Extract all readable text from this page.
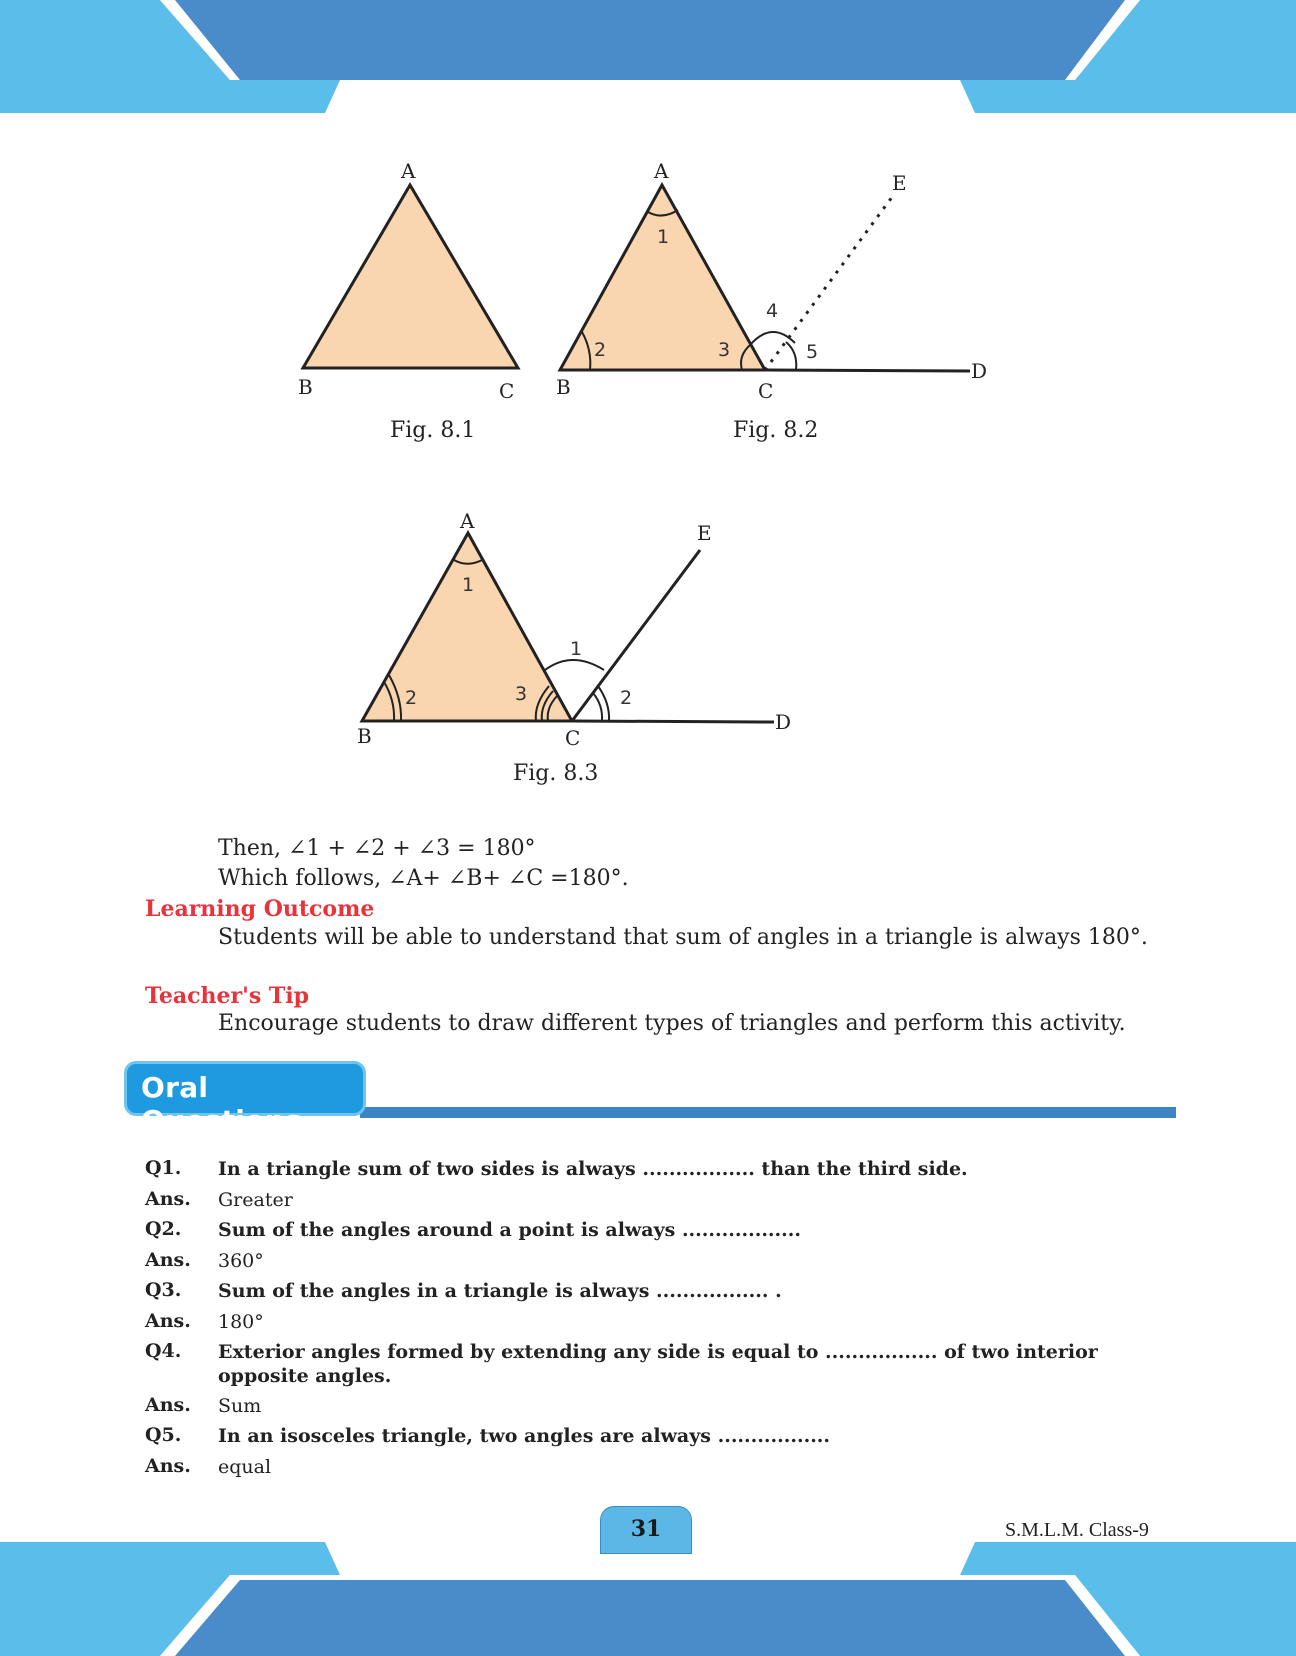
A
B	C
Fig. 8.1
1
2	3
4
5
A
B	C
D
E
Fig. 8.2
1
2	3
1
2
A
B	C
D
E
Fig. 8.3
Then, ∠1 + ∠2 + ∠3 = 180°
Which follows, ∠A+ ∠B+ ∠C =180°.
Learning Outcome
Students will be able to understand that sum of angles in a triangle is always 180°.
Teacher's Tip
Encourage students to draw different types of triangles and perform this activity.
Oral Questions
Q1. In a triangle sum of two sides is always ................. than the third side.
Ans. Greater
Q2. Sum of the angles around a point is always ..................
Ans. 360°
Q3. Sum of the angles in a triangle is always ................. .
Ans. 180°
Q4. Exterior angles formed by extending any side is equal to ................. of two interior opposite angles.
Ans. Sum
Q5. In an isosceles triangle, two angles are always .................
Ans. equal
31	S.M.L.M. Class-9
